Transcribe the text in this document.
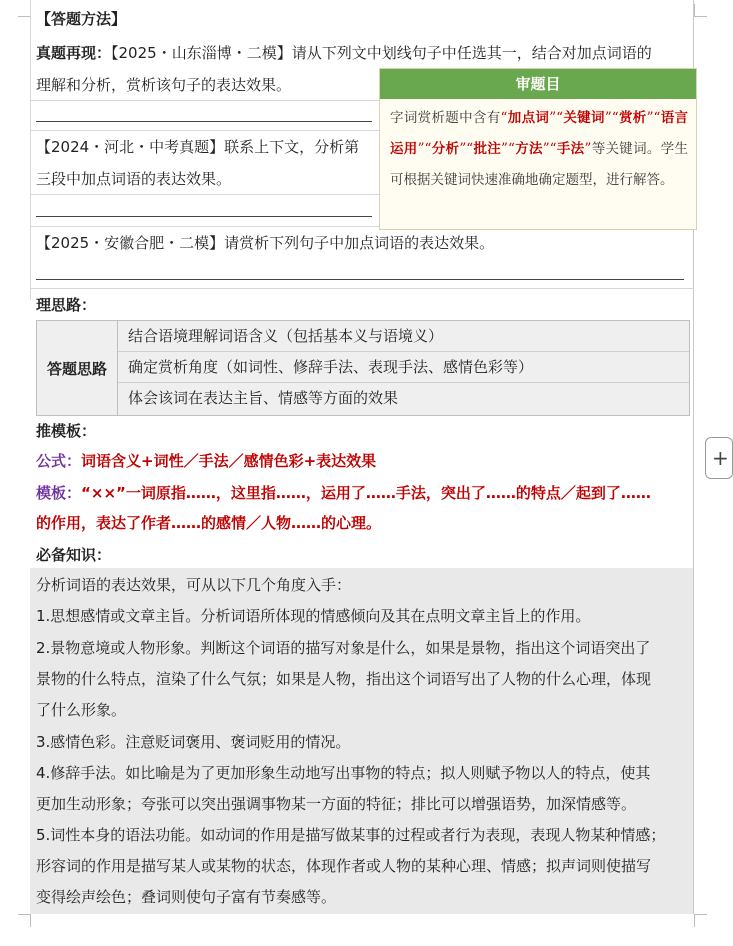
【答题方法】
真题再现：【2025・山东淄博・二模】请从下列文中划线句子中任选其一，结合对加点词语的
理解和分析，赏析该句子的表达效果。
【2024・河北・中考真题】联系上下文，分析第
三段中加点词语的表达效果。
【2025・安徽合肥・二模】请赏析下列句子中加点词语的表达效果。
审题目
字词赏析题中含有“加点词”“关键词”“赏析”“语言运用”“分析”“批注”“方法”“手法”等关键词。学生可根据关键词快速准确地确定题型，进行解答。
理思路：
答题思路
结合语境理解词语含义（包括基本义与语境义）
确定赏析角度（如词性、修辞手法、表现手法、感情色彩等）
体会该词在表达主旨、情感等方面的效果
推模板：
公式：词语含义+词性／手法／感情色彩+表达效果
模板：“××”一词原指……，这里指……，运用了……手法，突出了……的特点／起到了……
的作用，表达了作者……的感情／人物……的心理。
必备知识：
分析词语的表达效果，可从以下几个角度入手：
1.思想感情或文章主旨。分析词语所体现的情感倾向及其在点明文章主旨上的作用。
2.景物意境或人物形象。判断这个词语的描写对象是什么，如果是景物，指出这个词语突出了
景物的什么特点，渲染了什么气氛；如果是人物，指出这个词语写出了人物的什么心理，体现
了什么形象。
3.感情色彩。注意贬词褒用、褒词贬用的情况。
4.修辞手法。如比喻是为了更加形象生动地写出事物的特点；拟人则赋予物以人的特点，使其
更加生动形象；夸张可以突出强调事物某一方面的特征；排比可以增强语势，加深情感等。
5.词性本身的语法功能。如动词的作用是描写做某事的过程或者行为表现，表现人物某种情感；
形容词的作用是描写某人或某物的状态，体现作者或人物的某种心理、情感；拟声词则使描写
变得绘声绘色；叠词则使句子富有节奏感等。
+
